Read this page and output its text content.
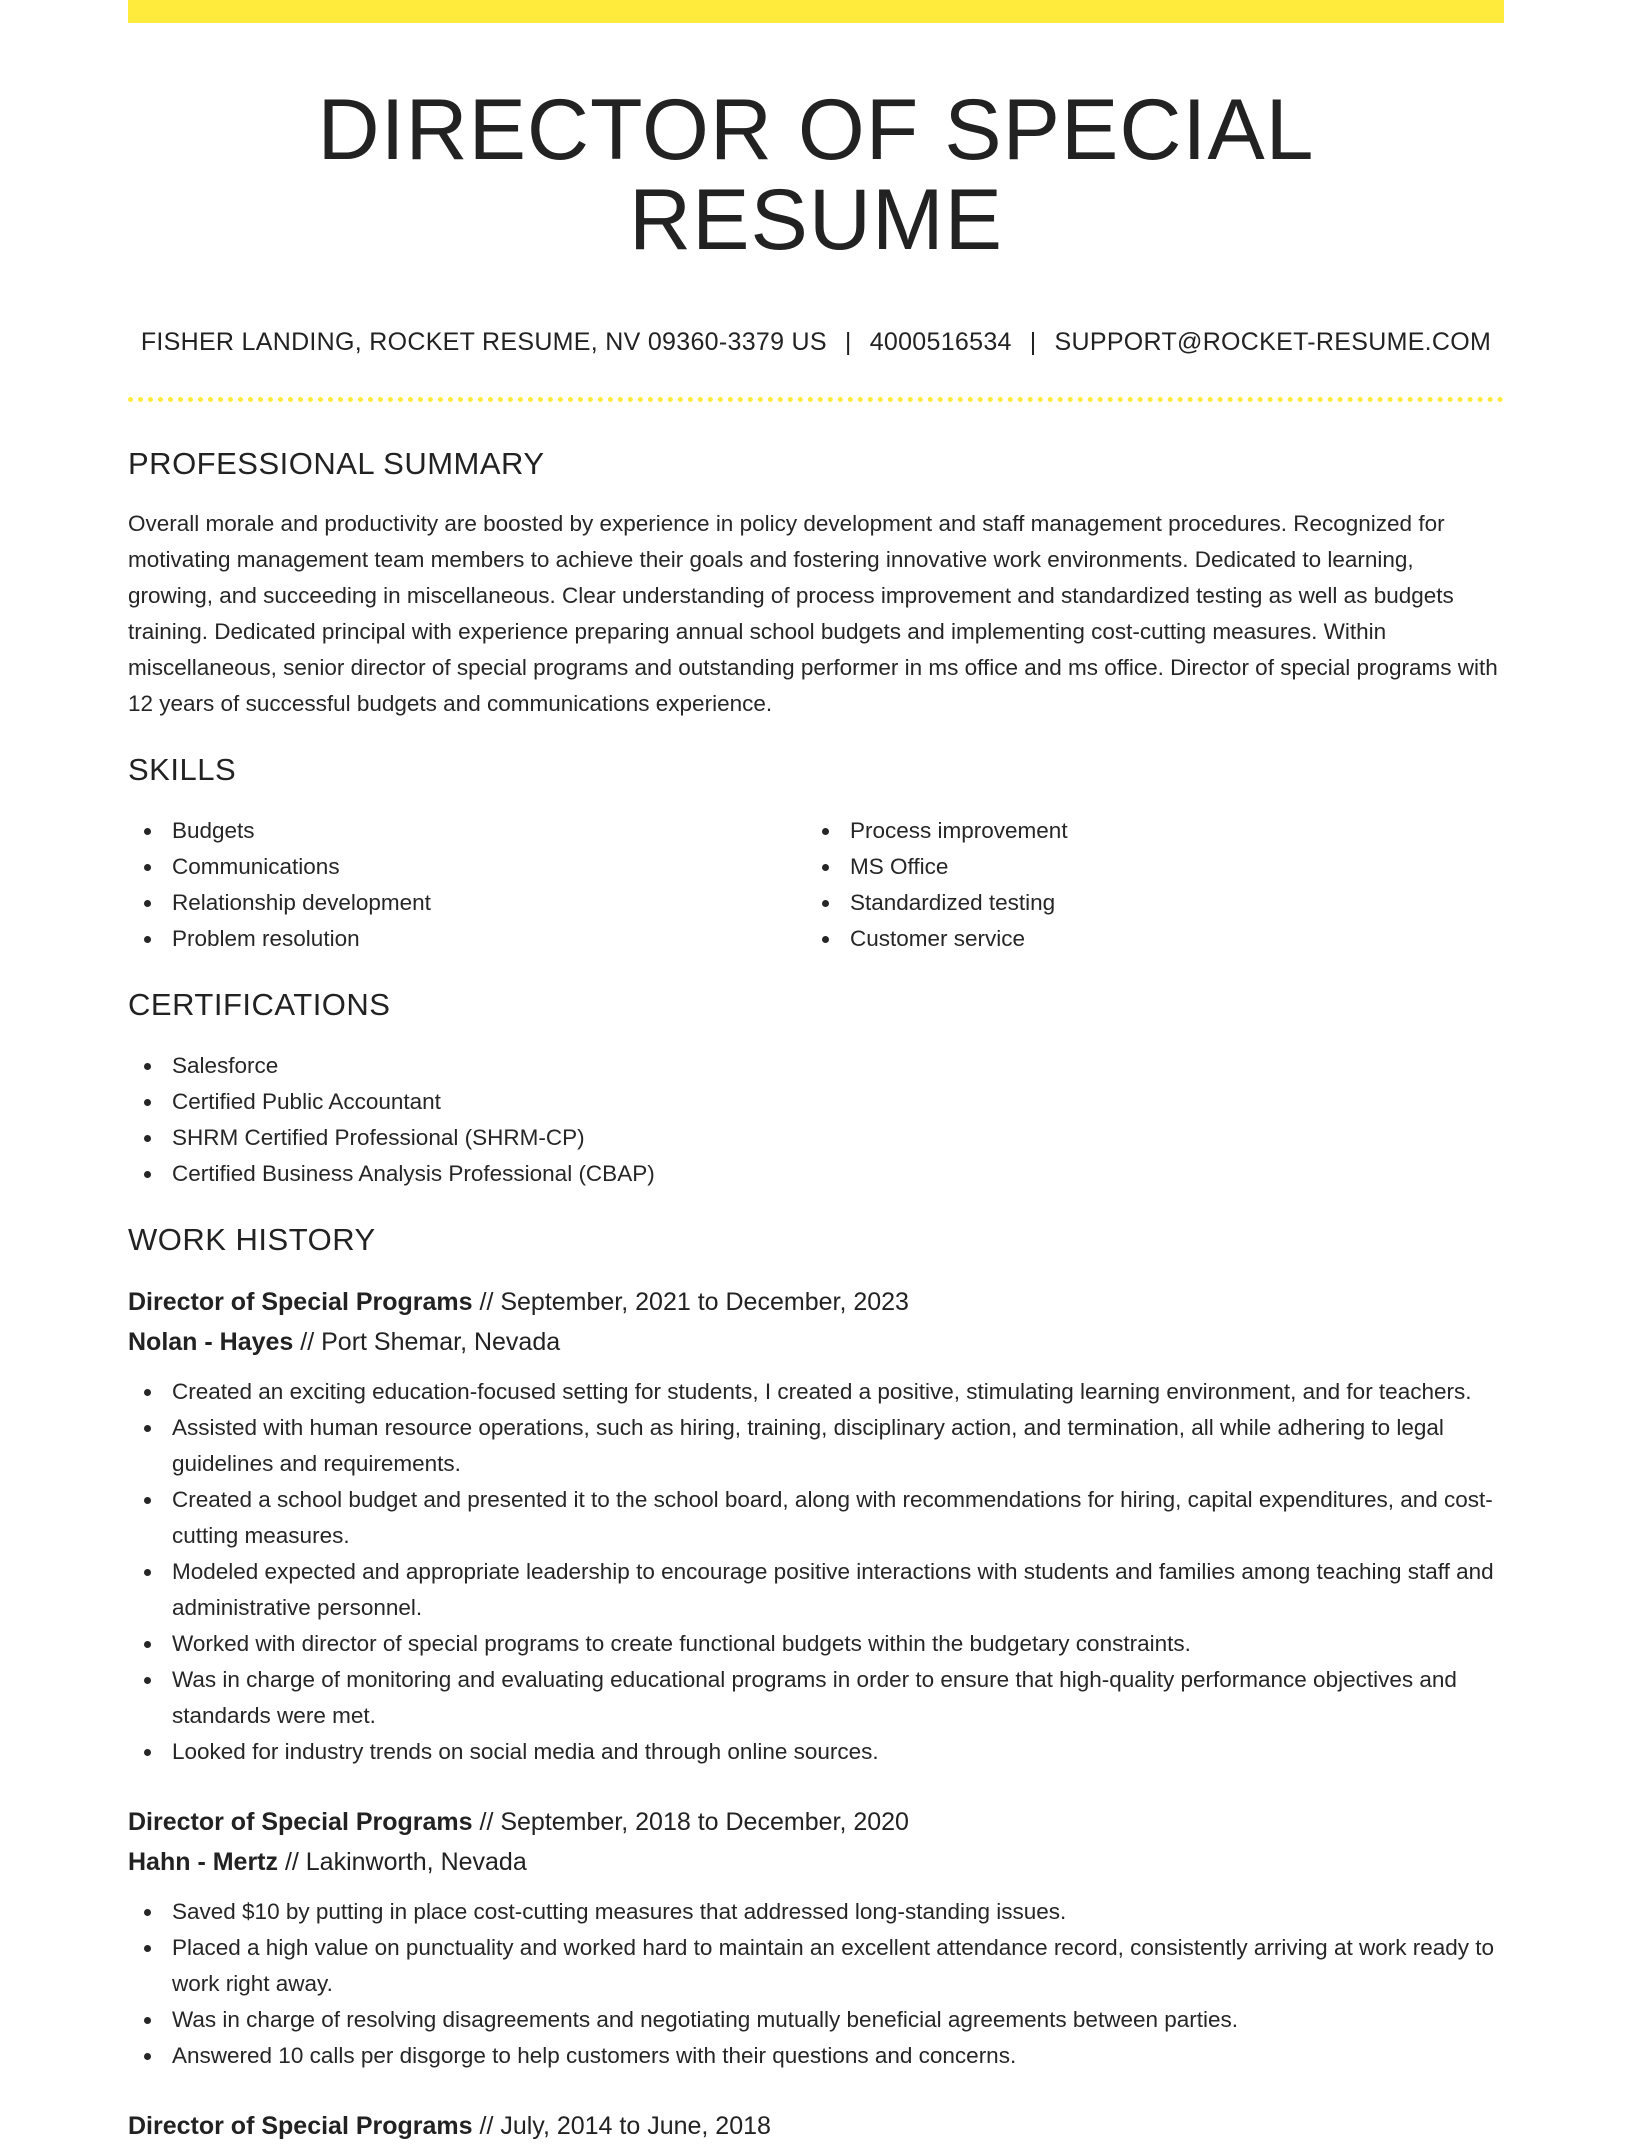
DIRECTOR OF SPECIAL RESUME
FISHER LANDING, ROCKET RESUME, NV 09360-3379 US | 4000516534 | SUPPORT@ROCKET-RESUME.COM
PROFESSIONAL SUMMARY

Overall morale and productivity are boosted by experience in policy development and staff management procedures. Recognized for motivating management team members to achieve their goals and fostering innovative work environments. Dedicated to learning, growing, and succeeding in miscellaneous. Clear understanding of process improvement and standardized testing as well as budgets training. Dedicated principal with experience preparing annual school budgets and implementing cost-cutting measures. Within miscellaneous, senior director of special programs and outstanding performer in ms office and ms office. Director of special programs with 12 years of successful budgets and communications experience.

SKILLS
Budgets
Communications
Relationship development
Problem resolution
Process improvement
MS Office
Standardized testing
Customer service
CERTIFICATIONS
Salesforce
Certified Public Accountant
SHRM Certified Professional (SHRM-CP)
Certified Business Analysis Professional (CBAP)
WORK HISTORY
Director of Special Programs // September, 2021 to December, 2023
Nolan - Hayes // Port Shemar, Nevada
Created an exciting education-focused setting for students, I created a positive, stimulating learning environment, and for teachers.
Assisted with human resource operations, such as hiring, training, disciplinary action, and termination, all while adhering to legal guidelines and requirements.
Created a school budget and presented it to the school board, along with recommendations for hiring, capital expenditures, and cost-cutting measures.
Modeled expected and appropriate leadership to encourage positive interactions with students and families among teaching staff and administrative personnel.
Worked with director of special programs to create functional budgets within the budgetary constraints.
Was in charge of monitoring and evaluating educational programs in order to ensure that high-quality performance objectives and standards were met.
Looked for industry trends on social media and through online sources.
Director of Special Programs // September, 2018 to December, 2020
Hahn - Mertz // Lakinworth, Nevada
Saved $10 by putting in place cost-cutting measures that addressed long-standing issues.
Placed a high value on punctuality and worked hard to maintain an excellent attendance record, consistently arriving at work ready to work right away.
Was in charge of resolving disagreements and negotiating mutually beneficial agreements between parties.
Answered 10 calls per disgorge to help customers with their questions and concerns.
Director of Special Programs // July, 2014 to June, 2018
